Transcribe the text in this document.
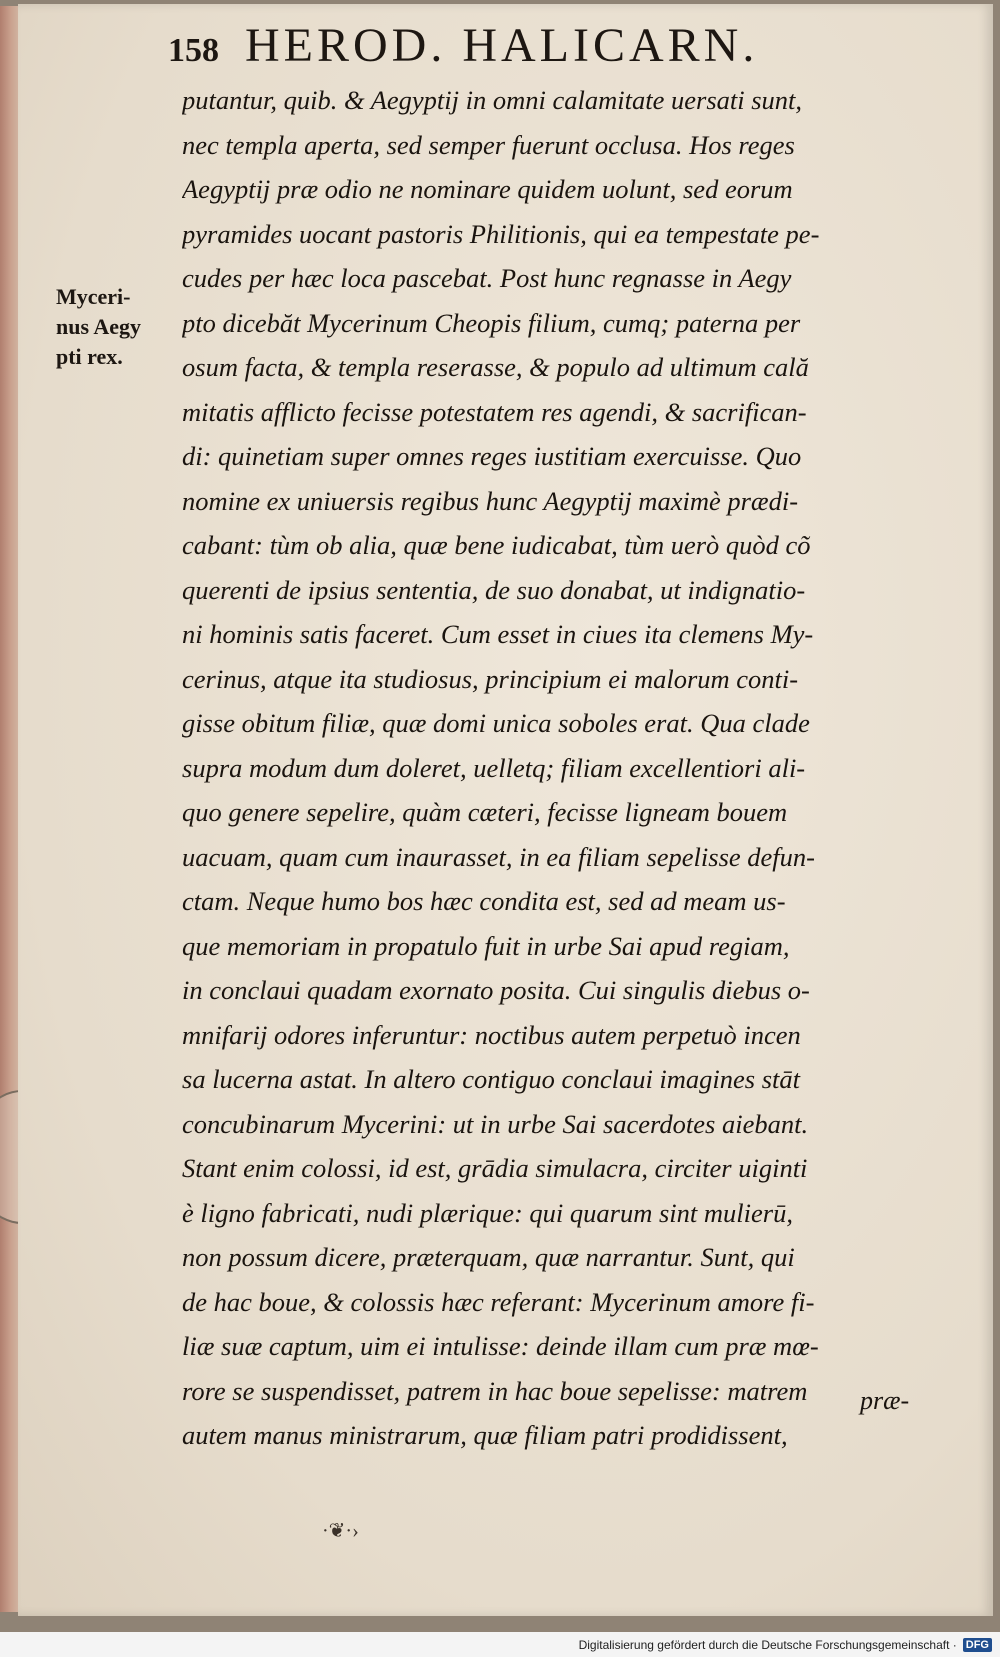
158 HEROD. HALICARN.
Myceri-
nus Aegy
pti rex.
putantur, quib. & Aegyptij in omni calamitate uersati sunt,
nec templa aperta, sed semper fuerunt occlusa. Hos reges
Aegyptij præ odio ne nominare quidem uolunt, sed eorum
pyramides uocant pastoris Philitionis, qui ea tempestate pe-
cudes per hæc loca pascebat. Post hunc regnasse in Aegy
pto dicebăt Mycerinum Cheopis filium, cumq; paterna per
osum facta, & templa reserasse, & populo ad ultimum cală
mitatis afflicto fecisse potestatem res agendi, & sacrifican-
di: quinetiam super omnes reges iustitiam exercuisse. Quo
nomine ex uniuersis regibus hunc Aegyptij maximè prædi-
cabant: tùm ob alia, quæ bene iudicabat, tùm uerò quòd cõ
querenti de ipsius sententia, de suo donabat, ut indignatio-
ni hominis satis faceret. Cum esset in ciues ita clemens My-
cerinus, atque ita studiosus, principium ei malorum conti-
gisse obitum filiæ, quæ domi unica soboles erat. Qua clade
supra modum dum doleret, uelletq; filiam excellentiori ali-
quo genere sepelire, quàm cæteri, fecisse ligneam bouem
uacuam, quam cum inaurasset, in ea filiam sepelisse defun-
ctam. Neque humo bos hæc condita est, sed ad meam us-
que memoriam in propatulo fuit in urbe Sai apud regiam,
in conclaui quadam exornato posita. Cui singulis diebus o-
mnifarij odores inferuntur: noctibus autem perpetuò incen
sa lucerna astat. In altero contiguo conclaui imagines stāt
concubinarum Mycerini: ut in urbe Sai sacerdotes aiebant.
Stant enim colossi, id est, grādia simulacra, circiter uiginti
è ligno fabricati, nudi plærique: qui quarum sint mulierū,
non possum dicere, præterquam, quæ narrantur. Sunt, qui
de hac boue, & colossis hæc referant: Mycerinum amore fi-
liæ suæ captum, uim ei intulisse: deinde illam cum præ mœ-
rore se suspendisset, patrem in hac boue sepelisse: matrem
autem manus ministrarum, quæ filiam patri prodidissent,
præ-
·❦·›
Digitalisierung gefördert durch die Deutsche Forschungsgemeinschaft · DFG
